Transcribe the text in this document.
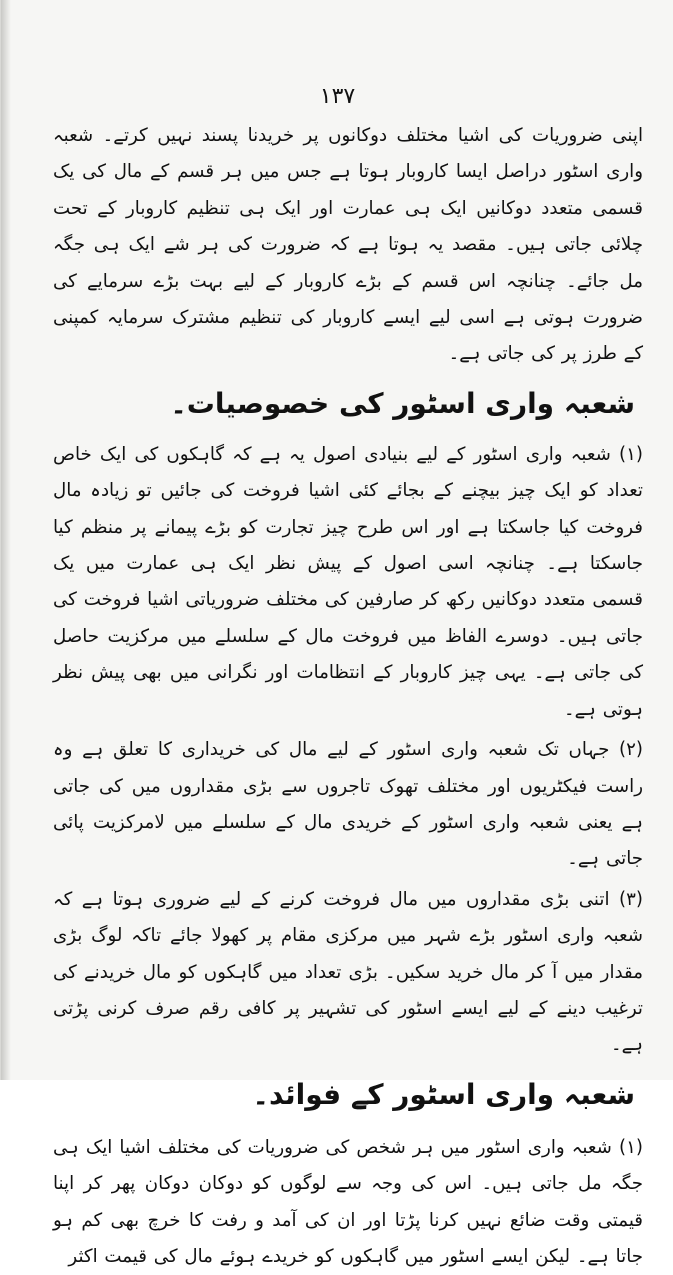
۱۳۷

اپنی ضروریات کی اشیا مختلف دوکانوں پر خریدنا پسند نہیں کرتے۔ شعبہ واری اسٹور دراصل ایسا کاروبار ہوتا ہے جس میں ہر قسم کے مال کی یک قسمی متعدد دوکانیں ایک ہی عمارت اور ایک ہی تنظیم کاروبار کے تحت چلائی جاتی ہیں۔ مقصد یہ ہوتا ہے کہ ضرورت کی ہر شے ایک ہی جگہ مل جائے۔ چنانچہ اس قسم کے بڑے کاروبار کے لیے بہت بڑے سرمایے کی ضرورت ہوتی ہے اسی لیے ایسے کاروبار کی تنظیم مشترک سرمایہ کمپنی کے طرز پر کی جاتی ہے۔

شعبہ واری اسٹور کی خصوصیات۔

(۱) شعبہ واری اسٹور کے لیے بنیادی اصول یہ ہے کہ گاہکوں کی ایک خاص تعداد کو ایک چیز بیچنے کے بجائے کئی اشیا فروخت کی جائیں تو زیادہ مال فروخت کیا جاسکتا ہے اور اس طرح چیز تجارت کو بڑے پیمانے پر منظم کیا جاسکتا ہے۔ چنانچہ اسی اصول کے پیش نظر ایک ہی عمارت میں یک قسمی متعدد دوکانیں رکھ کر صارفین کی مختلف ضروریاتی اشیا فروخت کی جاتی ہیں۔ دوسرے الفاظ میں فروخت مال کے سلسلے میں مرکزیت حاصل کی جاتی ہے۔ یہی چیز کاروبار کے انتظامات اور نگرانی میں بھی پیش نظر ہوتی ہے۔

(۲) جہاں تک شعبہ واری اسٹور کے لیے مال کی خریداری کا تعلق ہے وہ راست فیکٹریوں اور مختلف تھوک تاجروں سے بڑی مقداروں میں کی جاتی ہے یعنی شعبہ واری اسٹور کے خریدی مال کے سلسلے میں لامرکزیت پائی جاتی ہے۔

(۳) اتنی بڑی مقداروں میں مال فروخت کرنے کے لیے ضروری ہوتا ہے کہ شعبہ واری اسٹور بڑے شہر میں مرکزی مقام پر کھولا جائے تاکہ لوگ بڑی مقدار میں آ کر مال خرید سکیں۔ بڑی تعداد میں گاہکوں کو مال خریدنے کی ترغیب دینے کے لیے ایسے اسٹور کی تشہیر پر کافی رقم صرف کرنی پڑتی ہے۔

شعبہ واری اسٹور کے فوائد۔

(۱) شعبہ واری اسٹور میں ہر شخص کی ضروریات کی مختلف اشیا ایک ہی جگہ مل جاتی ہیں۔ اس کی وجہ سے لوگوں کو دوکان دوکان پھر کر اپنا قیمتی وقت ضائع نہیں کرنا پڑتا اور ان کی آمد و رفت کا خرچ بھی کم ہو جاتا ہے۔ لیکن ایسے اسٹور میں گاہکوں کو خریدے ہوئے مال کی قیمت اکثر
